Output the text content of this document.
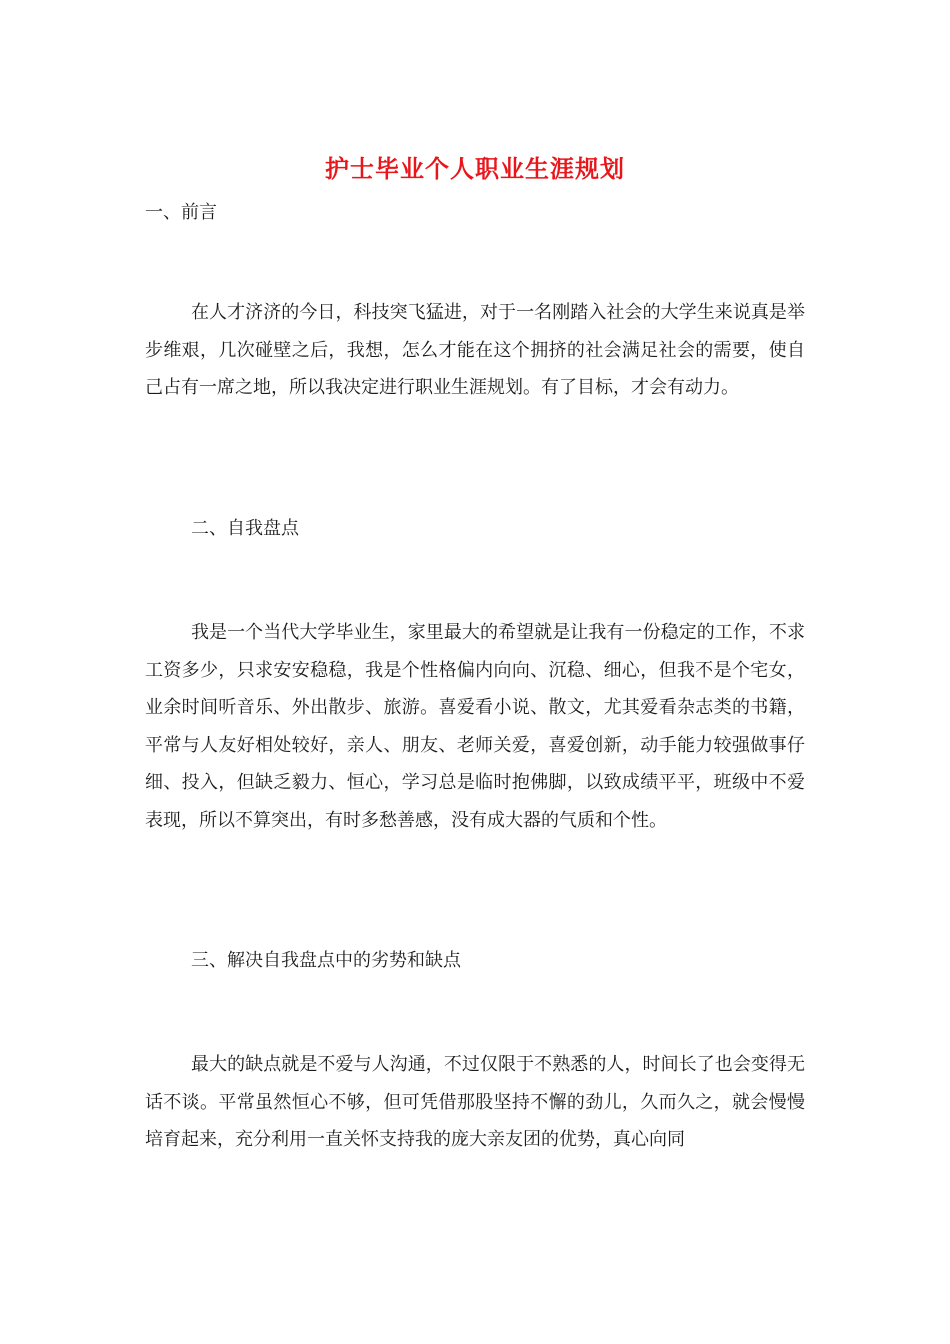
护士毕业个人职业生涯规划
一、前言

在人才济济的今日，科技突飞猛进，对于一名刚踏入社会的大学生来说真是举步维艰，几次碰壁之后，我想，怎么才能在这个拥挤的社会满足社会的需要，使自己占有一席之地，所以我决定进行职业生涯规划。有了目标，才会有动力。

二、自我盘点

我是一个当代大学毕业生，家里最大的希望就是让我有一份稳定的工作，不求工资多少，只求安安稳稳，我是个性格偏内向向、沉稳、细心，但我不是个宅女，业余时间听音乐、外出散步、旅游。喜爱看小说、散文，尤其爱看杂志类的书籍，平常与人友好相处较好，亲人、朋友、老师关爱，喜爱创新，动手能力较强做事仔细、投入，但缺乏毅力、恒心，学习总是临时抱佛脚，以致成绩平平，班级中不爱表现，所以不算突出，有时多愁善感，没有成大器的气质和个性。

三、解决自我盘点中的劣势和缺点

最大的缺点就是不爱与人沟通，不过仅限于不熟悉的人，时间长了也会变得无话不谈。平常虽然恒心不够，但可凭借那股坚持不懈的劲儿，久而久之，就会慢慢培育起来，充分利用一直关怀支持我的庞大亲友团的优势，真心向同
